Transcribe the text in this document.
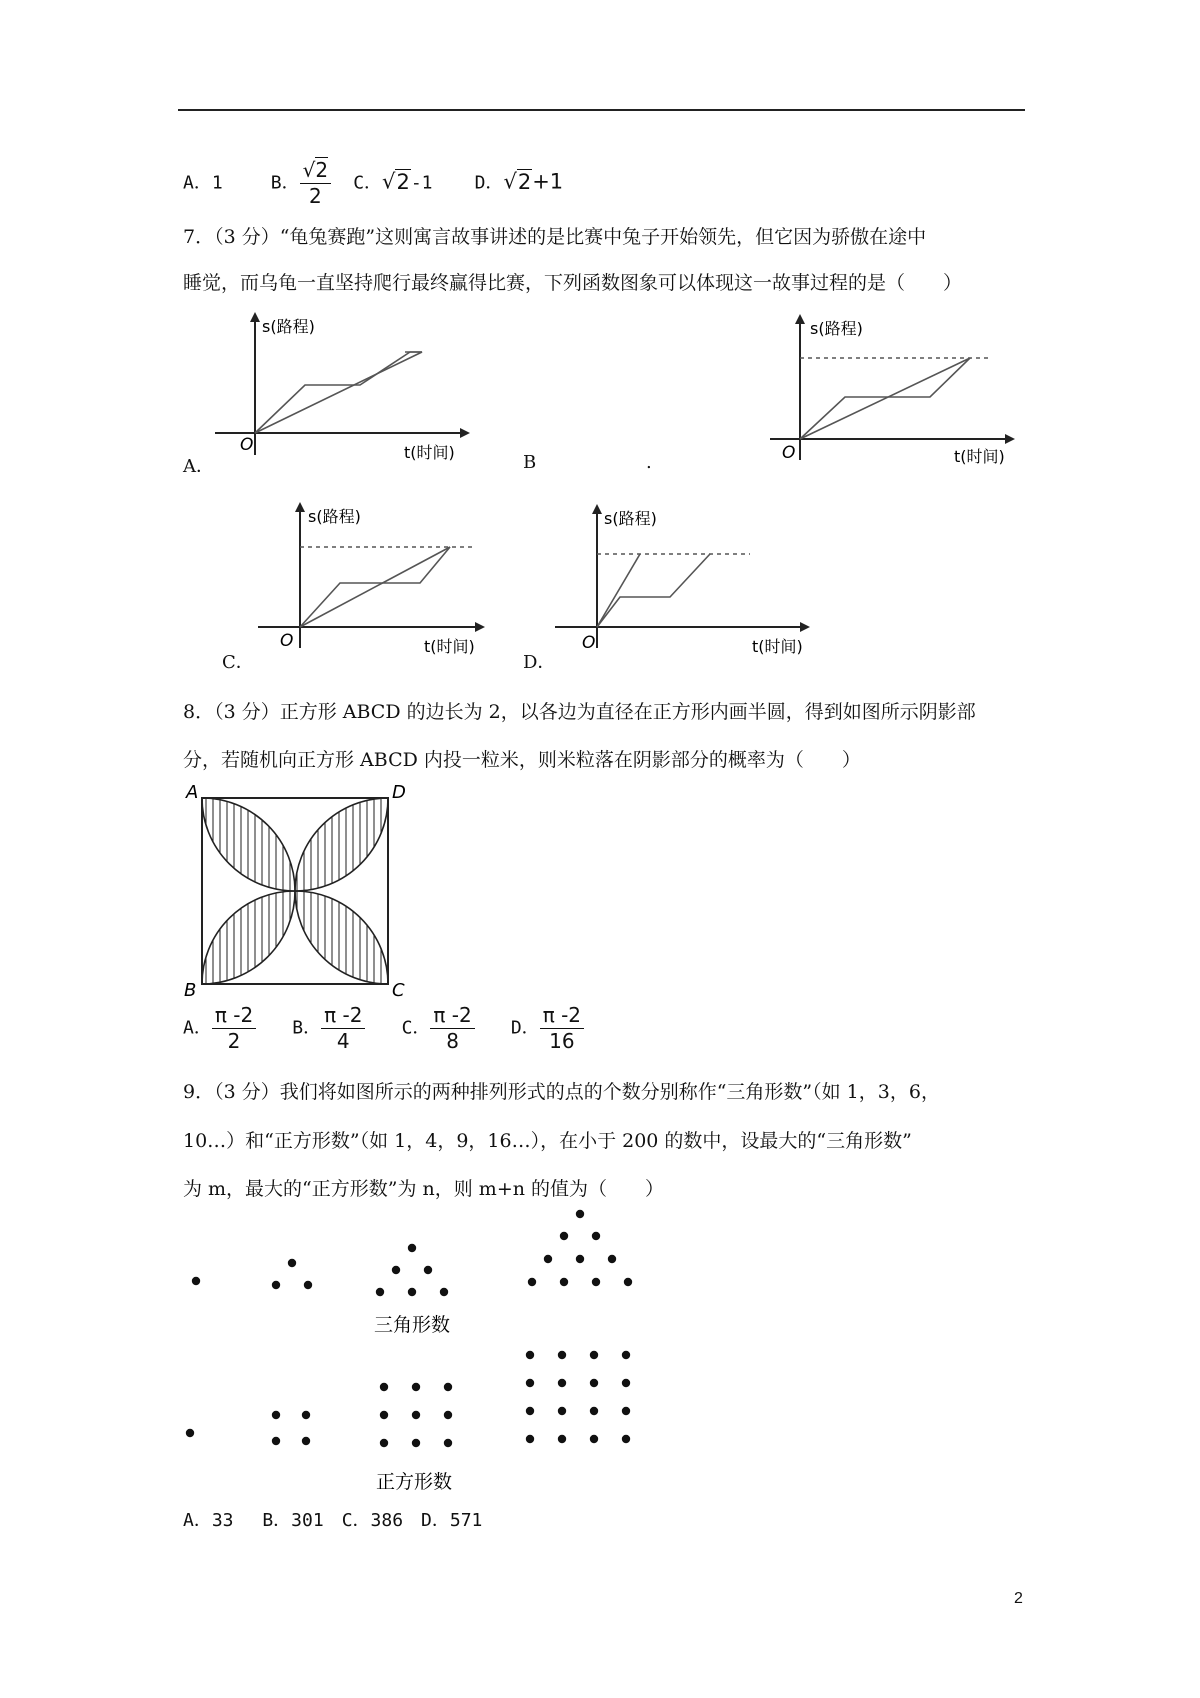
A．1	B． $\frac{√2}{2}$ C．√2-1 D．√2+1
7．（3 分）“龟兔赛跑”这则寓言故事讲述的是比赛中兔子开始领先，但它因为骄傲在途中
睡觉，而乌龟一直坚持爬行最终赢得比赛，下列函数图象可以体现这一故事过程的是（　　）
s(路程)
O	t(时间)
A．	B	.
s(路程)
O	t(时间)
s(路程)
O	t(时间)
C．
s(路程)
O	t(时间)
D．
8．（3 分）正方形 ABCD 的边长为 2，以各边为直径在正方形内画半圆，得到如图所示阴影部
分，若随机向正方形 ABCD 内投一粒米，则米粒落在阴影部分的概率为（　　）
A	D
B	C
A． $\frac{\pi -2}{2}$ B． $\frac{\pi -2}{4}$ C． $\frac{\pi -2}{8}$ D． $\frac{\pi -2}{16}$
9．（3 分）我们将如图所示的两种排列形式的点的个数分别称作“三角形数”（如 1，3，6，
10…）和“正方形数”（如 1，4，9，16…），在小于 200 的数中，设最大的“三角形数”
为 m，最大的“正方形数”为 n，则 m+n 的值为（　　）
三角形数
正方形数
A．33　 B．301　C．386　D．571
2
